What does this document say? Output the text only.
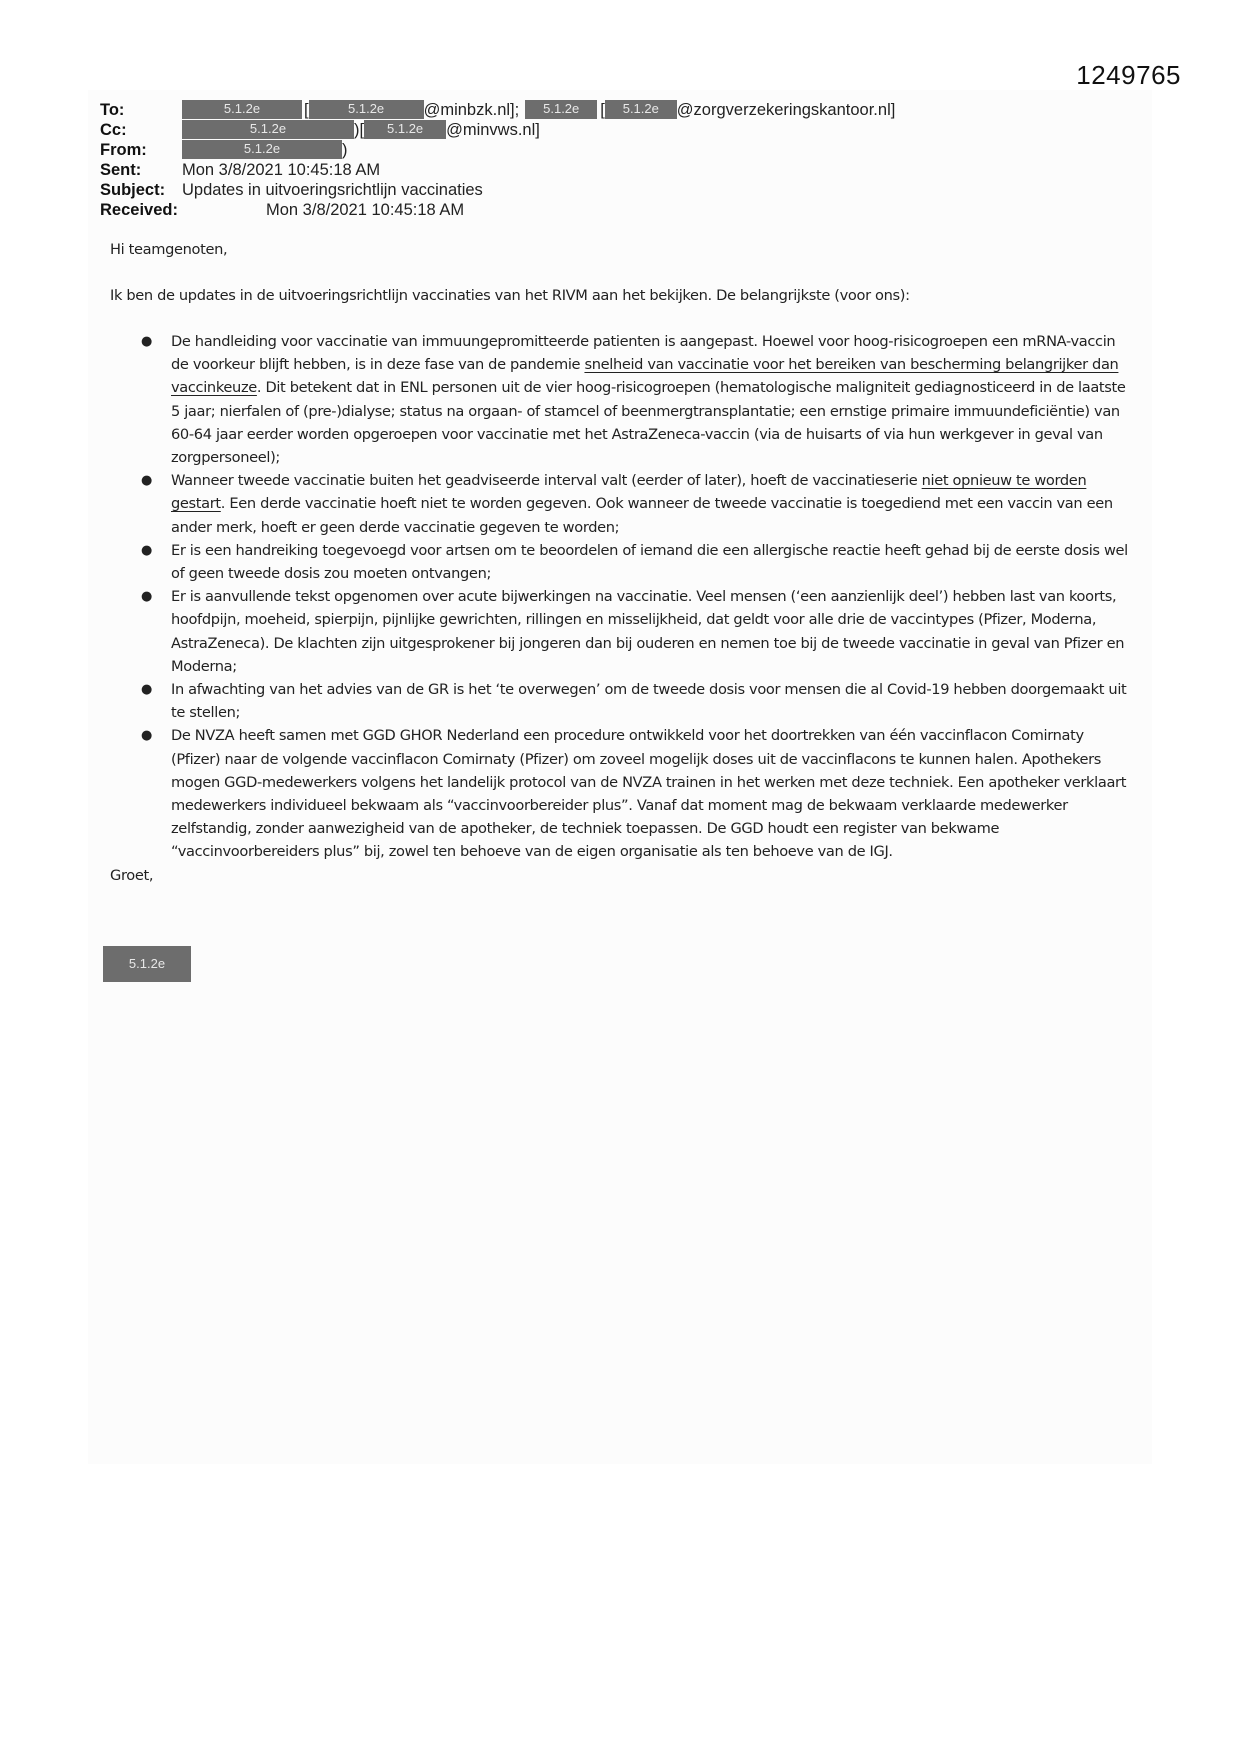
1249765
To:	5.1.2e	[	5.1.2e	@minbzk.nl];	5.1.2e	[	5.1.2e	@zorgverzekeringskantoor.nl]
Cc:	5.1.2e	)[	5.1.2e	@minvws.nl]
From:	5.1.2e	)
Sent: Mon 3/8/2021 10:45:18 AM
Subject: Updates in uitvoeringsrichtlijn vaccinaties
Received:	Mon 3/8/2021 10:45:18 AM

Hi teamgenoten,

Ik ben de updates in de uitvoeringsrichtlijn vaccinaties van het RIVM aan het bekijken. De belangrijkste (voor ons):

● De handleiding voor vaccinatie van immuungepromitteerde patienten is aangepast. Hoewel voor hoog-risicogroepen een mRNA-vaccin de voorkeur blijft hebben, is in deze fase van de pandemie snelheid van vaccinatie voor het bereiken van bescherming belangrijker dan vaccinkeuze. Dit betekent dat in ENL personen uit de vier hoog-risicogroepen (hematologische maligniteit gediagnosticeerd in de laatste 5 jaar; nierfalen of (pre-)dialyse; status na orgaan- of stamcel of beenmergtransplantatie; een ernstige primaire immuundeficiëntie) van 60-64 jaar eerder worden opgeroepen voor vaccinatie met het AstraZeneca-vaccin (via de huisarts of via hun werkgever in geval van zorgpersoneel);
● Wanneer tweede vaccinatie buiten het geadviseerde interval valt (eerder of later), hoeft de vaccinatieserie niet opnieuw te worden gestart. Een derde vaccinatie hoeft niet te worden gegeven. Ook wanneer de tweede vaccinatie is toegediend met een vaccin van een ander merk, hoeft er geen derde vaccinatie gegeven te worden;
● Er is een handreiking toegevoegd voor artsen om te beoordelen of iemand die een allergische reactie heeft gehad bij de eerste dosis wel of geen tweede dosis zou moeten ontvangen;
● Er is aanvullende tekst opgenomen over acute bijwerkingen na vaccinatie. Veel mensen (‘een aanzienlijk deel’) hebben last van koorts, hoofdpijn, moeheid, spierpijn, pijnlijke gewrichten, rillingen en misselijkheid, dat geldt voor alle drie de vaccintypes (Pfizer, Moderna, AstraZeneca). De klachten zijn uitgesprokener bij jongeren dan bij ouderen en nemen toe bij de tweede vaccinatie in geval van Pfizer en Moderna;
● In afwachting van het advies van de GR is het ‘te overwegen’ om de tweede dosis voor mensen die al Covid-19 hebben doorgemaakt uit te stellen;
● De NVZA heeft samen met GGD GHOR Nederland een procedure ontwikkeld voor het doortrekken van één vaccinflacon Comirnaty (Pfizer) naar de volgende vaccinflacon Comirnaty (Pfizer) om zoveel mogelijk doses uit de vaccinflacons te kunnen halen. Apothekers mogen GGD-medewerkers volgens het landelijk protocol van de NVZA trainen in het werken met deze techniek. Een apotheker verklaart medewerkers individueel bekwaam als “vaccinvoorbereider plus”. Vanaf dat moment mag de bekwaam verklaarde medewerker zelfstandig, zonder aanwezigheid van de apotheker, de techniek toepassen. De GGD houdt een register van bekwame “vaccinvoorbereiders plus” bij, zowel ten behoeve van de eigen organisatie als ten behoeve van de IGJ.

Groet,

5.1.2e
